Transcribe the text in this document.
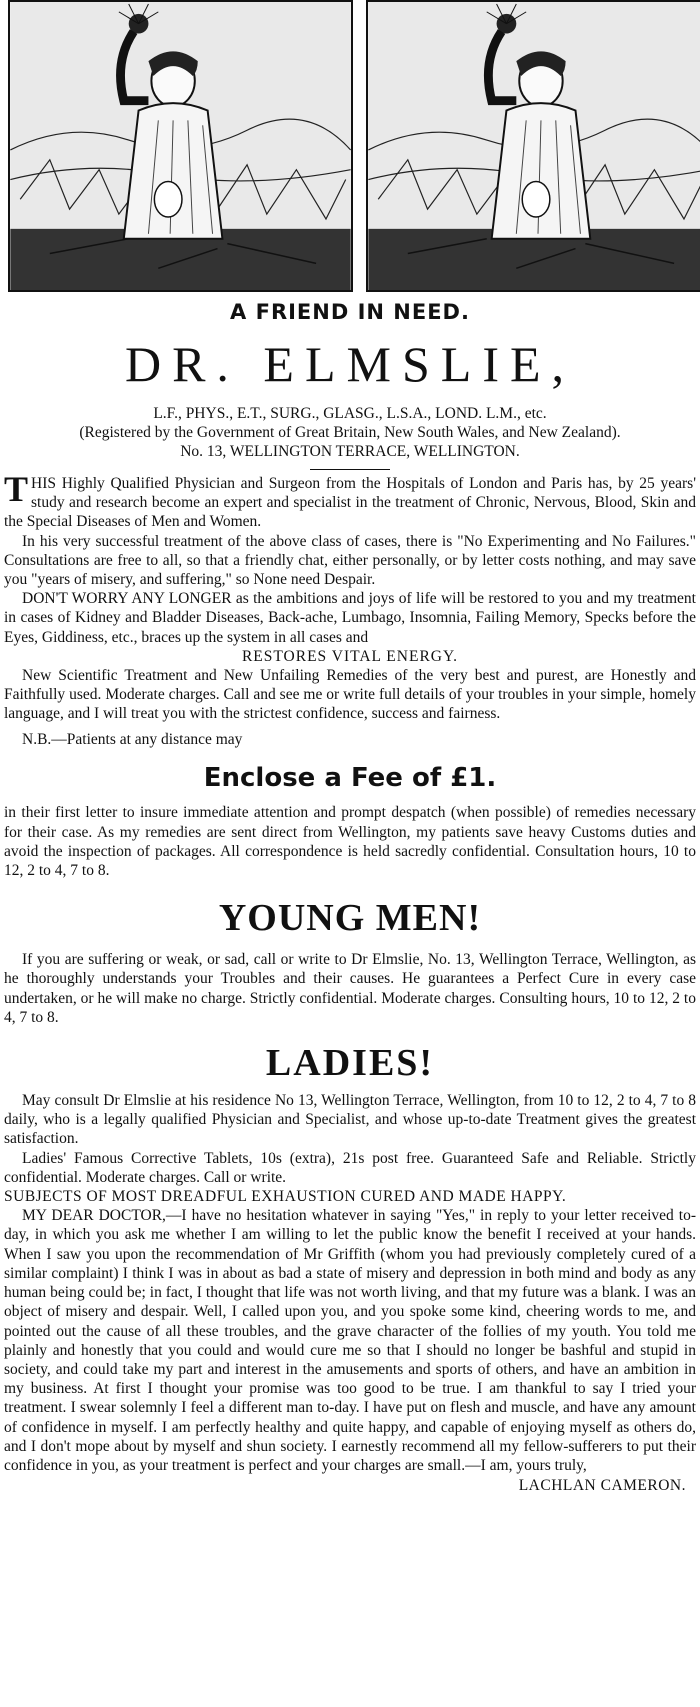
A FRIEND IN NEED.
DR. ELMSLIE,
L.F., PHYS., E.T., SURG., GLASG., L.S.A., LOND. L.M., etc.
(Registered by the Government of Great Britain, New South Wales, and New Zealand).
No. 13, WELLINGTON TERRACE, WELLINGTON.

THIS Highly Qualified Physician and Surgeon from the Hospitals of London and Paris has, by 25 years' study and research become an expert and specialist in the treatment of Chronic, Nervous, Blood, Skin and the Special Diseases of Men and Women.

In his very successful treatment of the above class of cases, there is "No Experimenting and No Failures." Consultations are free to all, so that a friendly chat, either personally, or by letter costs nothing, and may save you "years of misery, and suffering," so None need Despair.

DON'T WORRY ANY LONGER as the ambitions and joys of life will be restored to you and my treatment in cases of Kidney and Bladder Diseases, Back-ache, Lumbago, Insomnia, Failing Memory, Specks before the Eyes, Giddiness, etc., braces up the system in all cases and

RESTORES VITAL ENERGY.

New Scientific Treatment and New Unfailing Remedies of the very best and purest, are Honestly and Faithfully used. Moderate charges. Call and see me or write full details of your troubles in your simple, homely language, and I will treat you with the strictest confidence, success and fairness.

N.B.—Patients at any distance may

Enclose a Fee of £1.

in their first letter to insure immediate attention and prompt despatch (when possible) of remedies necessary for their case. As my remedies are sent direct from Wellington, my patients save heavy Customs duties and avoid the inspection of packages. All correspondence is held sacredly confidential. Consultation hours, 10 to 12, 2 to 4, 7 to 8.

YOUNG MEN!

If you are suffering or weak, or sad, call or write to Dr Elmslie, No. 13, Wellington Terrace, Wellington, as he thoroughly understands your Troubles and their causes. He guarantees a Perfect Cure in every case undertaken, or he will make no charge. Strictly confidential. Moderate charges. Consulting hours, 10 to 12, 2 to 4, 7 to 8.

LADIES!

May consult Dr Elmslie at his residence No 13, Wellington Terrace, Wellington, from 10 to 12, 2 to 4, 7 to 8 daily, who is a legally qualified Physician and Specialist, and whose up-to-date Treatment gives the greatest satisfaction.

Ladies' Famous Corrective Tablets, 10s (extra), 21s post free. Guaranteed Safe and Reliable. Strictly confidential. Moderate charges. Call or write.

SUBJECTS OF MOST DREADFUL EXHAUSTION CURED AND MADE HAPPY.

MY DEAR DOCTOR,—I have no hesitation whatever in saying "Yes," in reply to your letter received to-day, in which you ask me whether I am willing to let the public know the benefit I received at your hands. When I saw you upon the recommendation of Mr Griffith (whom you had previously completely cured of a similar complaint) I think I was in about as bad a state of misery and depression in both mind and body as any human being could be; in fact, I thought that life was not worth living, and that my future was a blank. I was an object of misery and despair. Well, I called upon you, and you spoke some kind, cheering words to me, and pointed out the cause of all these troubles, and the grave character of the follies of my youth. You told me plainly and honestly that you could and would cure me so that I should no longer be bashful and stupid in society, and could take my part and interest in the amusements and sports of others, and have an ambition in my business. At first I thought your promise was too good to be true. I am thankful to say I tried your treatment. I swear solemnly I feel a different man to-day. I have put on flesh and muscle, and have any amount of confidence in myself. I am perfectly healthy and quite happy, and capable of enjoying myself as others do, and I don't mope about by myself and shun society. I earnestly recommend all my fellow-sufferers to put their confidence in you, as your treatment is perfect and your charges are small.—I am, yours truly,

LACHLAN CAMERON.
